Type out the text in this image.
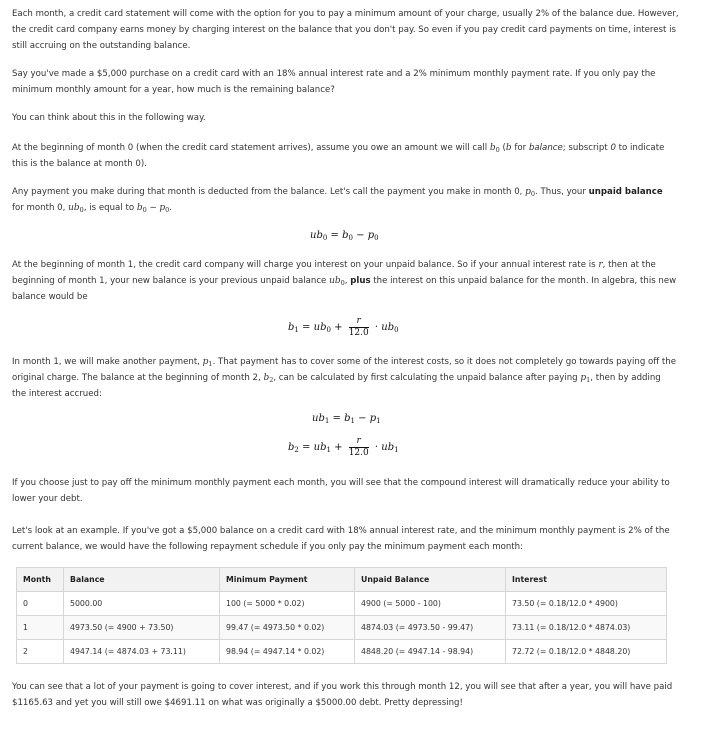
Each month, a credit card statement will come with the option for you to pay a minimum amount of your charge, usually 2% of the balance due. However, the credit card company earns money by charging interest on the balance that you don't pay. So even if you pay credit card payments on time, interest is still accruing on the outstanding balance.

Say you've made a $5,000 purchase on a credit card with an 18% annual interest rate and a 2% minimum monthly payment rate. If you only pay the minimum monthly amount for a year, how much is the remaining balance?

You can think about this in the following way.

At the beginning of month 0 (when the credit card statement arrives), assume you owe an amount we will call $b_0$ (b for balance; subscript 0 to indicate this is the balance at month 0).

Any payment you make during that month is deducted from the balance. Let's call the payment you make in month 0, $p_0$. Thus, your unpaid balance for month 0, $ub_0$, is equal to $b_0 - p_0$.

$ub_0 = b_0 - p_0$

At the beginning of month 1, the credit card company will charge you interest on your unpaid balance. So if your annual interest rate is r, then at the beginning of month 1, your new balance is your previous unpaid balance $ub_0$, plus the interest on this unpaid balance for the month. In algebra, this new balance would be

$b_1 = ub_0 + \frac{r}{12.0} \cdot ub_0$

In month 1, we will make another payment, $p_1$. That payment has to cover some of the interest costs, so it does not completely go towards paying off the original charge. The balance at the beginning of month 2, $b_2$, can be calculated by first calculating the unpaid balance after paying $p_1$, then by adding the interest accrued:

$ub_1 = b_1 - p_1$
$b_2 = ub_1 + \frac{r}{12.0} \cdot ub_1$

If you choose just to pay off the minimum monthly payment each month, you will see that the compound interest will dramatically reduce your ability to lower your debt.

Let's look at an example. If you've got a $5,000 balance on a credit card with 18% annual interest rate, and the minimum monthly payment is 2% of the current balance, we would have the following repayment schedule if you only pay the minimum payment each month:

Month	Balance	Minimum Payment	Unpaid Balance	Interest
0	5000.00	100 (= 5000 * 0.02)	4900 (= 5000 - 100)	73.50 (= 0.18/12.0 * 4900)
1	4973.50 (= 4900 + 73.50)	99.47 (= 4973.50 * 0.02)	4874.03 (= 4973.50 - 99.47)	73.11 (= 0.18/12.0 * 4874.03)
2	4947.14 (= 4874.03 + 73.11)	98.94 (= 4947.14 * 0.02)	4848.20 (= 4947.14 - 98.94)	72.72 (= 0.18/12.0 * 4848.20)

You can see that a lot of your payment is going to cover interest, and if you work this through month 12, you will see that after a year, you will have paid $1165.63 and yet you will still owe $4691.11 on what was originally a $5000.00 debt. Pretty depressing!
